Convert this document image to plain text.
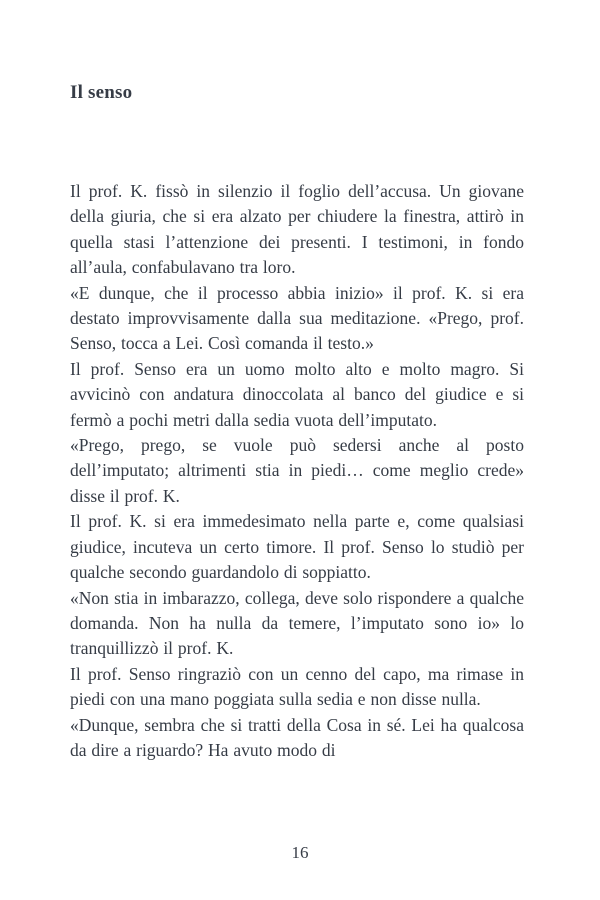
Il senso

Il prof. K. fissò in silenzio il foglio dell’accusa. Un giovane della giuria, che si era alzato per chiudere la finestra, attirò in quella stasi l’attenzione dei presenti. I testimoni, in fondo all’aula, confabulavano tra loro.

«E dunque, che il processo abbia inizio» il prof. K. si era destato improvvisamente dalla sua meditazione. «Prego, prof. Senso, tocca a Lei. Così comanda il testo.»

Il prof. Senso era un uomo molto alto e molto magro. Si avvicinò con andatura dinoccolata al banco del giudice e si fermò a pochi metri dalla sedia vuota dell’imputato.

«Prego, prego, se vuole può sedersi anche al posto dell’imputato; altrimenti stia in piedi… come meglio crede» disse il prof. K.

Il prof. K. si era immedesimato nella parte e, come qualsiasi giudice, incuteva un certo timore. Il prof. Senso lo studiò per qualche secondo guardandolo di soppiatto.

«Non stia in imbarazzo, collega, deve solo rispondere a qualche domanda. Non ha nulla da temere, l’imputato sono io» lo tranquillizzò il prof. K.

Il prof. Senso ringraziò con un cenno del capo, ma rimase in piedi con una mano poggiata sulla sedia e non disse nulla.

«Dunque, sembra che si tratti della Cosa in sé. Lei ha qualcosa da dire a riguardo? Ha avuto modo di

16
